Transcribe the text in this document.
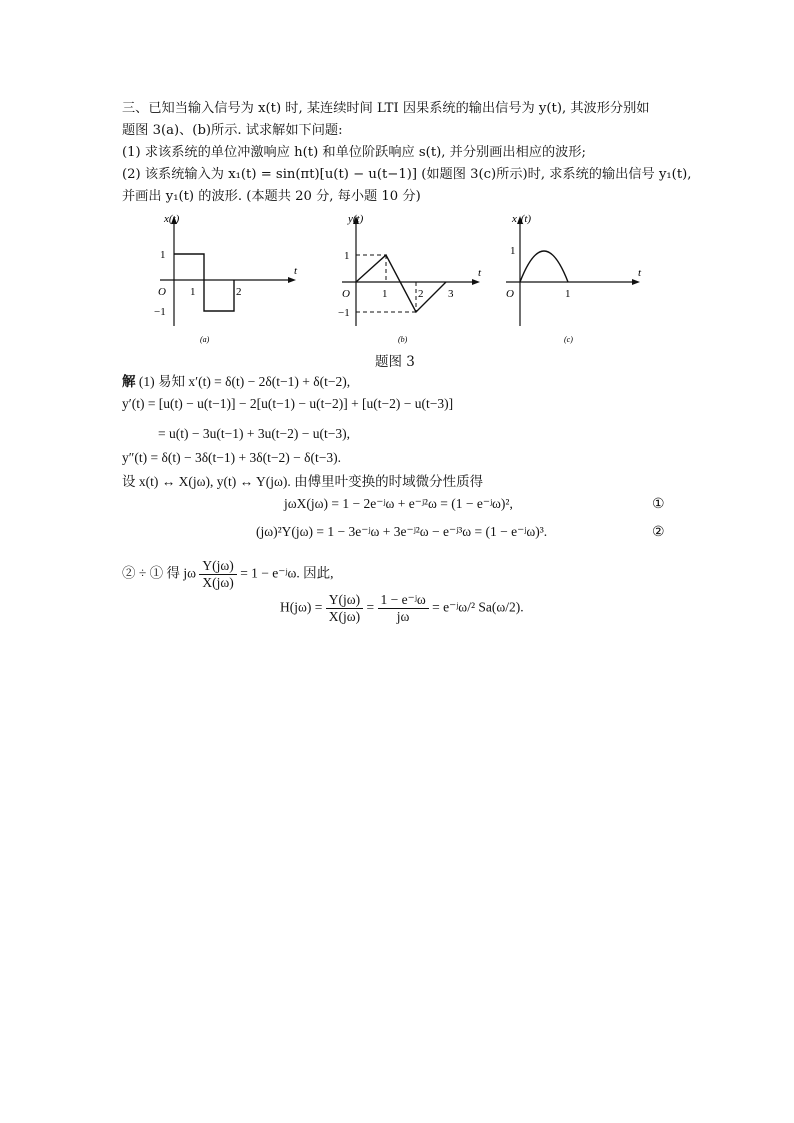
三、已知当输入信号为 x(t) 时, 某连续时间 LTI 因果系统的输出信号为 y(t), 其波形分别如
题图 3(a)、(b)所示. 试求解如下问题:
(1) 求该系统的单位冲激响应 h(t) 和单位阶跃响应 s(t), 并分别画出相应的波形;
(2) 该系统输入为 x₁(t) = sin(πt)[u(t) − u(t−1)] (如题图 3(c)所示)时, 求系统的输出信号 y₁(t),
并画出 y₁(t) 的波形. (本题共 20 分, 每小题 10 分)
x(t)
t
1
−1
O 1	2
(a)
y(t)
t
1
−1
O	1	2 3
(b)
x₁(t)
t
1
O	1
(c)
题图 3
解 (1) 易知 x′(t) = δ(t) − 2δ(t−1) + δ(t−2),
y′(t) = [u(t) − u(t−1)] − 2[u(t−1) − u(t−2)] + [u(t−2) − u(t−3)]
= u(t) − 3u(t−1) + 3u(t−2) − u(t−3),
y″(t) = δ(t) − 3δ(t−1) + 3δ(t−2) − δ(t−3).
设 x(t) ↔ X(jω), y(t) ↔ Y(jω). 由傅里叶变换的时域微分性质得
jωX(jω) = 1 − 2e⁻ʲω + e⁻ʲ²ω = (1 − e⁻ʲω)²,	①
(jω)²Y(jω) = 1 − 3e⁻ʲω + 3e⁻ʲ²ω − e⁻ʲ³ω = (1 − e⁻ʲω)³.	②
② ÷ ① 得 jω $\frac{Y(j\omega)}{X(j\omega)} = 1$ − e⁻ʲω. 因此,
$H(j\omega) = \frac{Y(j\omega)}{X(j\omega)} = \frac{\text{1 − e⁻ʲω}}{j\omega}$ = e⁻ʲω/² Sa(ω/2).
